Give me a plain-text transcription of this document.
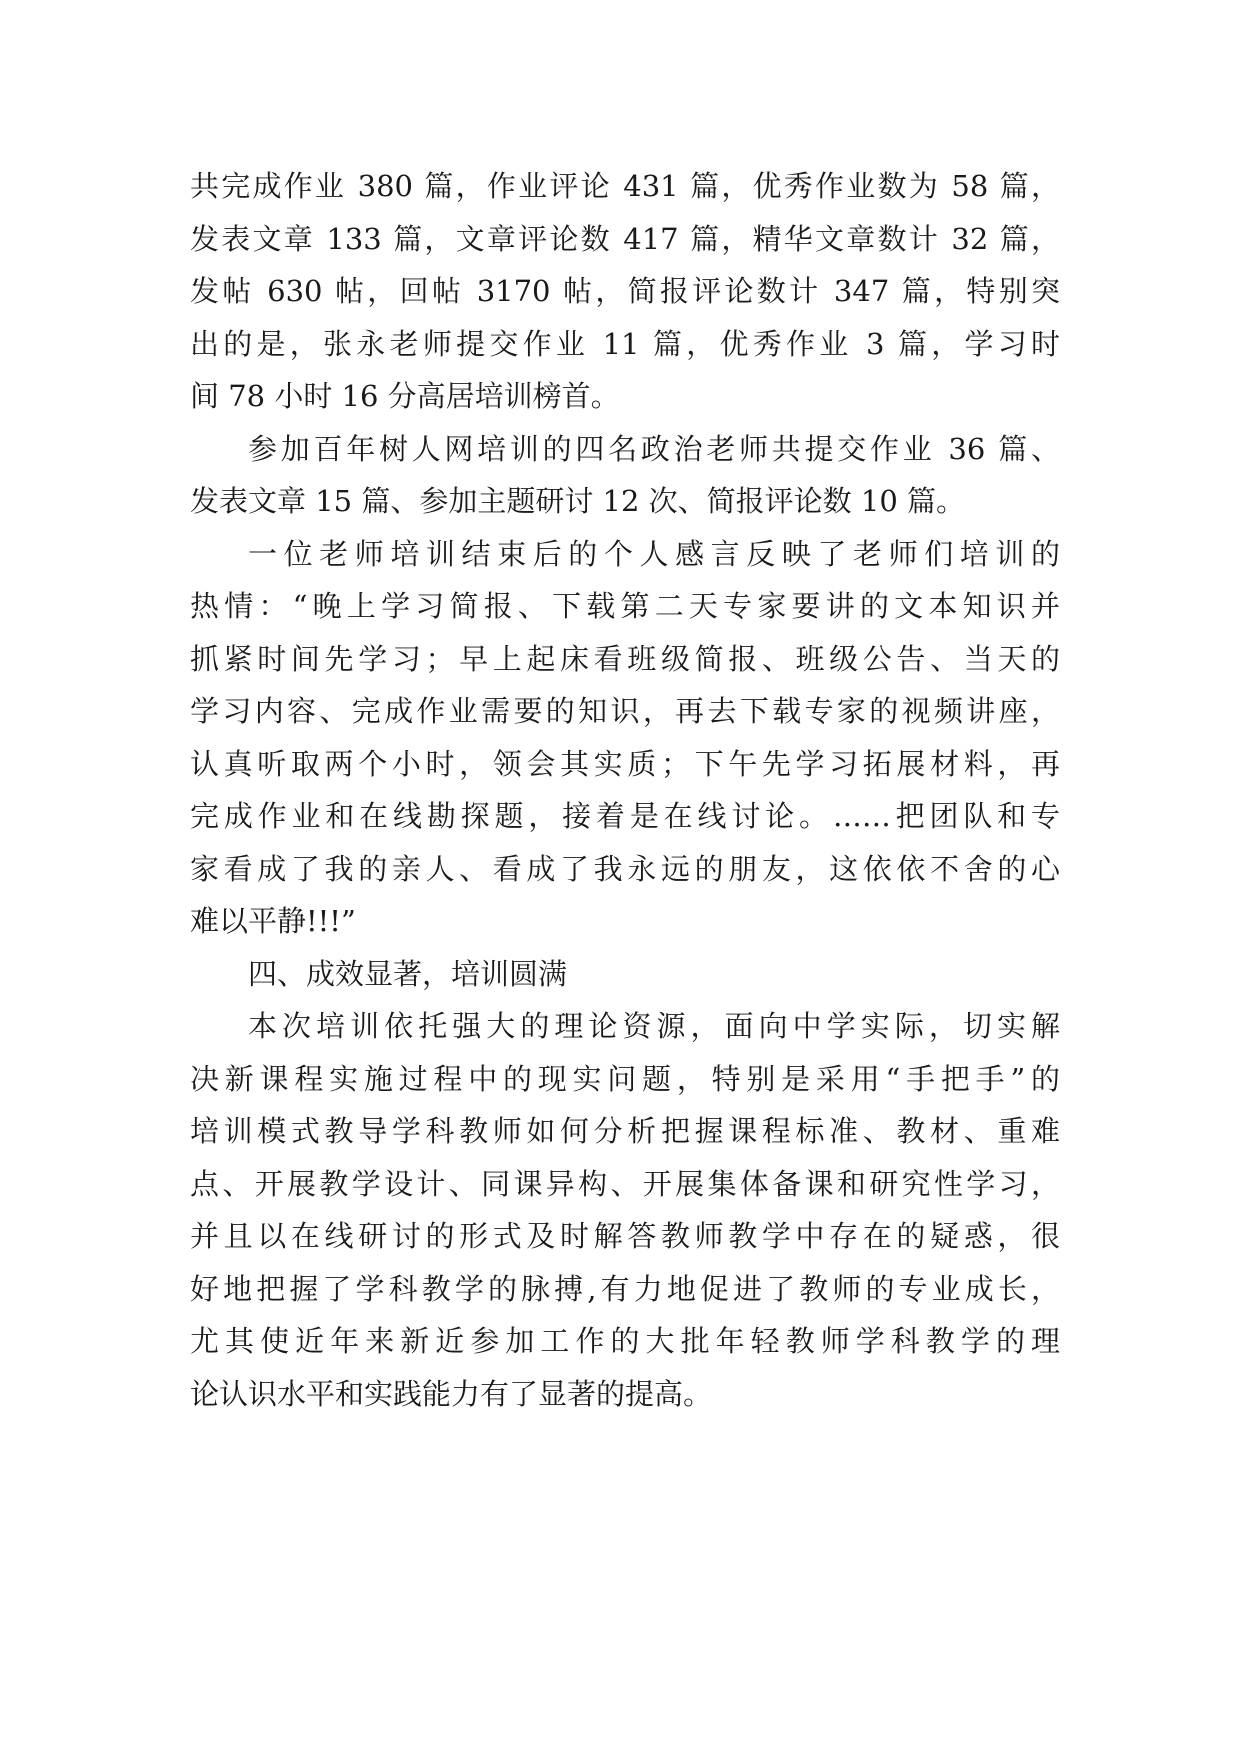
共完成作业 380 篇，作业评论 431 篇，优秀作业数为 58 篇，
发表文章 133 篇，文章评论数 417 篇，精华文章数计 32 篇，
发帖 630 帖，回帖 3170 帖，简报评论数计 347 篇，特别突
出的是，张永老师提交作业 11 篇，优秀作业 3 篇，学习时
间 78 小时 16 分高居培训榜首。
参加百年树人网培训的四名政治老师共提交作业 36 篇、
发表文章 15 篇、参加主题研讨 12 次、简报评论数 10 篇。
一位老师培训结束后的个人感言反映了老师们培训的
热情：“晚上学习简报、下载第二天专家要讲的文本知识并
抓紧时间先学习；早上起床看班级简报、班级公告、当天的
学习内容、完成作业需要的知识，再去下载专家的视频讲座，
认真听取两个小时，领会其实质；下午先学习拓展材料，再
完成作业和在线勘探题，接着是在线讨论。……把团队和专
家看成了我的亲人、看成了我永远的朋友，这依依不舍的心
难以平静!!!”
四、成效显著，培训圆满
本次培训依托强大的理论资源，面向中学实际，切实解
决新课程实施过程中的现实问题，特别是采用“手把手”的
培训模式教导学科教师如何分析把握课程标准、教材、重难
点、开展教学设计、同课异构、开展集体备课和研究性学习，
并且以在线研讨的形式及时解答教师教学中存在的疑惑，很
好地把握了学科教学的脉搏,有力地促进了教师的专业成长，
尤其使近年来新近参加工作的大批年轻教师学科教学的理
论认识水平和实践能力有了显著的提高。
